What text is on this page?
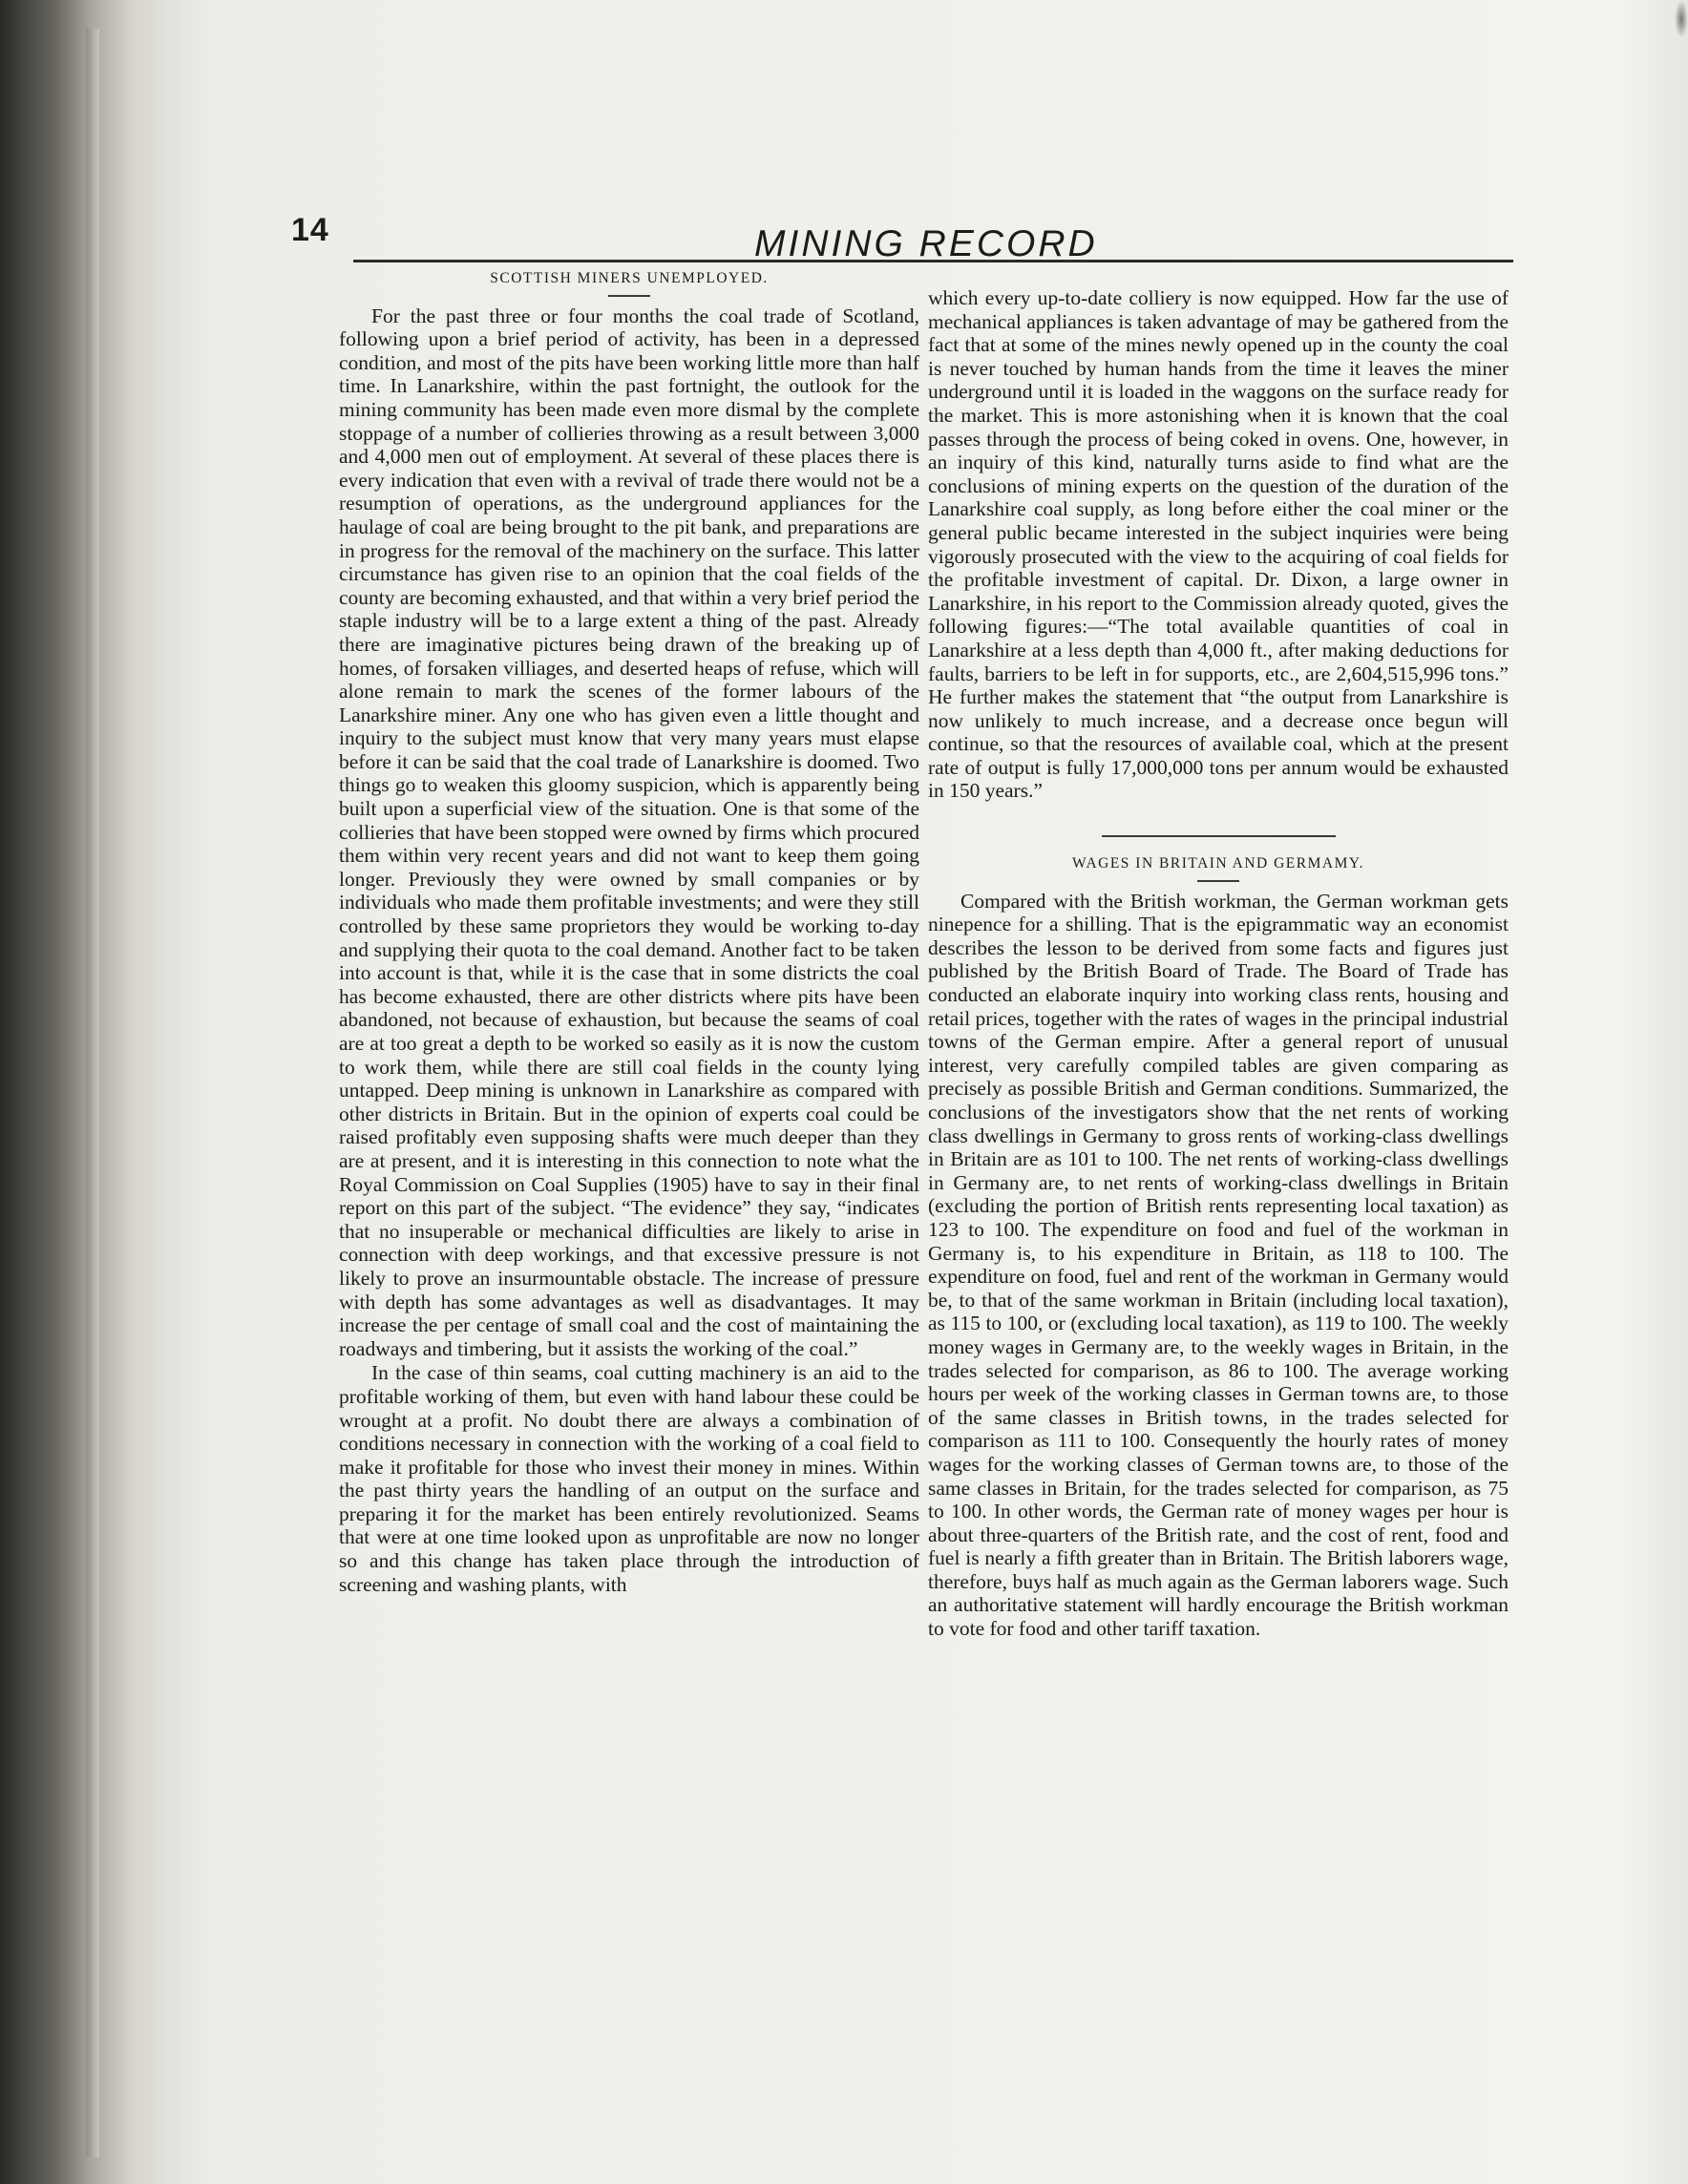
14	MINING RECORD
SCOTTISH MINERS UNEMPLOYED.

For the past three or four months the coal trade of Scotland, following upon a brief period of activity, has been in a depressed condition, and most of the pits have been working little more than half time. In Lanarkshire, within the past fortnight, the outlook for the mining community has been made even more dismal by the complete stoppage of a number of collieries throwing as a result between 3,000 and 4,000 men out of employment. At several of these places there is every indication that even with a revival of trade there would not be a resumption of operations, as the underground appliances for the haulage of coal are being brought to the pit bank, and preparations are in progress for the removal of the machinery on the surface. This latter circumstance has given rise to an opinion that the coal fields of the county are becoming exhausted, and that within a very brief period the staple industry will be to a large extent a thing of the past. Already there are imaginative pictures being drawn of the breaking up of homes, of forsaken villiages, and deserted heaps of refuse, which will alone remain to mark the scenes of the former labours of the Lanarkshire miner. Any one who has given even a little thought and inquiry to the subject must know that very many years must elapse before it can be said that the coal trade of Lanarkshire is doomed. Two things go to weaken this gloomy suspicion, which is apparently being built upon a superficial view of the situation. One is that some of the collieries that have been stopped were owned by firms which procured them within very recent years and did not want to keep them going longer. Previously they were owned by small companies or by individuals who made them profitable investments; and were they still controlled by these same proprietors they would be working to-day and supplying their quota to the coal demand. Another fact to be taken into account is that, while it is the case that in some districts the coal has become exhausted, there are other districts where pits have been abandoned, not because of exhaustion, but because the seams of coal are at too great a depth to be worked so easily as it is now the custom to work them, while there are still coal fields in the county lying untapped. Deep mining is unknown in Lanarkshire as compared with other districts in Britain. But in the opinion of experts coal could be raised profitably even supposing shafts were much deeper than they are at present, and it is interesting in this connection to note what the Royal Commission on Coal Supplies (1905) have to say in their final report on this part of the subject. “The evidence” they say, “indicates that no insuperable or mechanical difficulties are likely to arise in connection with deep workings, and that excessive pressure is not likely to prove an insurmountable obstacle. The increase of pressure with depth has some advantages as well as disadvantages. It may increase the per centage of small coal and the cost of maintaining the roadways and timbering, but it assists the working of the coal.”

In the case of thin seams, coal cutting machinery is an aid to the profitable working of them, but even with hand labour these could be wrought at a profit. No doubt there are always a combination of conditions necessary in connection with the working of a coal field to make it profitable for those who invest their money in mines. Within the past thirty years the handling of an output on the surface and preparing it for the market has been entirely revolutionized. Seams that were at one time looked upon as unprofitable are now no longer so and this change has taken place through the introduction of screening and washing plants, with

which every up-to-date colliery is now equipped. How far the use of mechanical appliances is taken advantage of may be gathered from the fact that at some of the mines newly opened up in the county the coal is never touched by human hands from the time it leaves the miner underground until it is loaded in the waggons on the surface ready for the market. This is more astonishing when it is known that the coal passes through the process of being coked in ovens. One, however, in an inquiry of this kind, naturally turns aside to find what are the conclusions of mining experts on the question of the duration of the Lanarkshire coal supply, as long before either the coal miner or the general public became interested in the subject inquiries were being vigorously prosecuted with the view to the acquiring of coal fields for the profitable investment of capital. Dr. Dixon, a large owner in Lanarkshire, in his report to the Commission already quoted, gives the following figures:—“The total available quantities of coal in Lanarkshire at a less depth than 4,000 ft., after making deductions for faults, barriers to be left in for supports, etc., are 2,604,515,996 tons.” He further makes the statement that “the output from Lanarkshire is now unlikely to much increase, and a decrease once begun will continue, so that the resources of available coal, which at the present rate of output is fully 17,000,000 tons per annum would be exhausted in 150 years.”

WAGES IN BRITAIN AND GERMAMY.

Compared with the British workman, the German workman gets ninepence for a shilling. That is the epigrammatic way an economist describes the lesson to be derived from some facts and figures just published by the British Board of Trade. The Board of Trade has conducted an elaborate inquiry into working class rents, housing and retail prices, together with the rates of wages in the principal industrial towns of the German empire. After a general report of unusual interest, very carefully compiled tables are given comparing as precisely as possible British and German conditions. Summarized, the conclusions of the investigators show that the net rents of working class dwellings in Germany to gross rents of working-class dwellings in Britain are as 101 to 100. The net rents of working-class dwellings in Germany are, to net rents of working-class dwellings in Britain (excluding the portion of British rents representing local taxation) as 123 to 100. The expenditure on food and fuel of the workman in Germany is, to his expenditure in Britain, as 118 to 100. The expenditure on food, fuel and rent of the workman in Germany would be, to that of the same workman in Britain (including local taxation), as 115 to 100, or (excluding local taxation), as 119 to 100. The weekly money wages in Germany are, to the weekly wages in Britain, in the trades selected for comparison, as 86 to 100. The average working hours per week of the working classes in German towns are, to those of the same classes in British towns, in the trades selected for comparison as 111 to 100. Consequently the hourly rates of money wages for the working classes of German towns are, to those of the same classes in Britain, for the trades selected for comparison, as 75 to 100. In other words, the German rate of money wages per hour is about three-quarters of the British rate, and the cost of rent, food and fuel is nearly a fifth greater than in Britain. The British laborers wage, therefore, buys half as much again as the German laborers wage. Such an authoritative statement will hardly encourage the British workman to vote for food and other tariff taxation.
